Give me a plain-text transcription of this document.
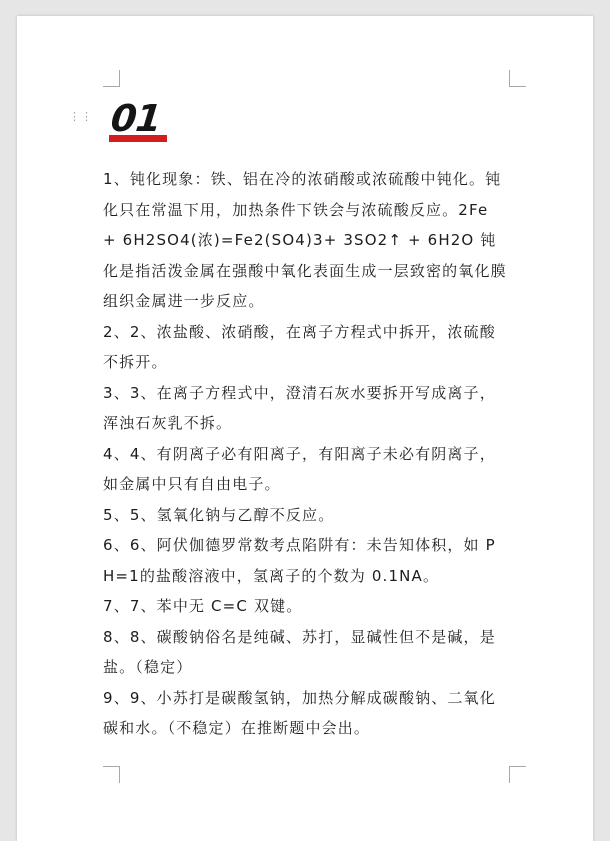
⋮⋮ 01

1、钝化现象：铁、铝在冷的浓硝酸或浓硫酸中钝化。钝化只在常温下用，加热条件下铁会与浓硫酸反应。2Fe + 6H2SO4(浓)=Fe2(SO4)3+ 3SO2↑ + 6H2O 钝化是指活泼金属在强酸中氧化表面生成一层致密的氧化膜组织金属进一步反应。

2、2、浓盐酸、浓硝酸，在离子方程式中拆开，浓硫酸不拆开。

3、3、在离子方程式中，澄清石灰水要拆开写成离子，浑浊石灰乳不拆。

4、4、有阴离子必有阳离子，有阳离子未必有阴离子，如金属中只有自由电子。

5、5、氢氧化钠与乙醇不反应。

6、6、阿伏伽德罗常数考点陷阱有：未告知体积，如 PH=1的盐酸溶液中，氢离子的个数为 0.1NA。

7、7、苯中无 C=C 双键。

8、8、碳酸钠俗名是纯碱、苏打，显碱性但不是碱，是盐。（稳定）

9、9、小苏打是碳酸氢钠，加热分解成碳酸钠、二氧化碳和水。（不稳定）在推断题中会出。
